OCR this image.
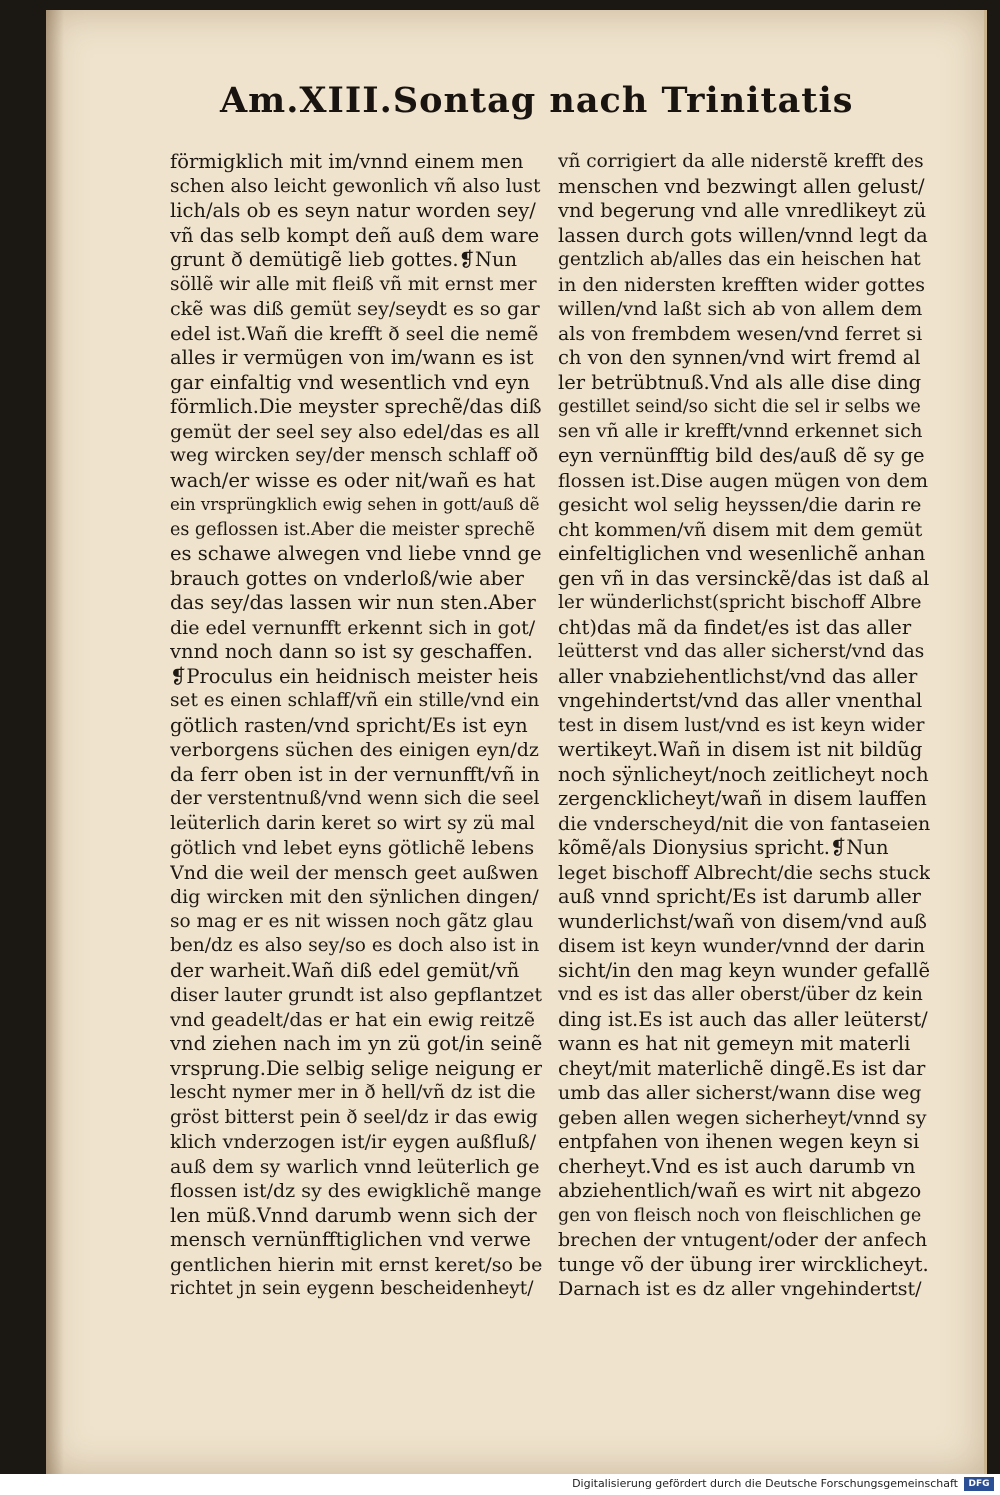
Am.XIII.Sontag nach Trinitatis
förmigklich mit im/vnnd einem men
schen also leicht gewonlich vñ also lust
lich/als ob es seyn natur worden sey/
vñ das selb kompt deñ auß dem ware
grunt ð demütigẽ lieb gottes.❡Nun
söllẽ wir alle mit fleiß vñ mit ernst mer
ckẽ was diß gemüt sey/seydt es so gar
edel ist.Wañ die krefft ð seel die nemẽ
alles ir vermügen von im/wann es ist
gar einfaltig vnd wesentlich vnd eyn
förmlich.Die meyster sprechẽ/das diß
gemüt der seel sey also edel/das es all
weg wircken sey/der mensch schlaff oð
wach/er wisse es oder nit/wañ es hat
ein vrsprüngklich ewig sehen in gott/auß dẽ
es geflossen ist.Aber die meister sprechẽ
es schawe alwegen vnd liebe vnnd ge
brauch gottes on vnderloß/wie aber
das sey/das lassen wir nun sten.Aber
die edel vernunfft erkennt sich in got/
vnnd noch dann so ist sy geschaffen.
❡Proculus ein heidnisch meister heis
set es einen schlaff/vñ ein stille/vnd ein
götlich rasten/vnd spricht/Es ist eyn
verborgens süchen des einigen eyn/dz
da ferr oben ist in der vernunfft/vñ in
der verstentnuß/vnd wenn sich die seel
leüterlich darin keret so wirt sy zü mal
götlich vnd lebet eyns götlichẽ lebens
Vnd die weil der mensch geet außwen
dig wircken mit den sÿnlichen dingen/
so mag er es nit wissen noch gãtz glau
ben/dz es also sey/so es doch also ist in
der warheit.Wañ diß edel gemüt/vñ
diser lauter grundt ist also gepflantzet
vnd geadelt/das er hat ein ewig reitzẽ
vnd ziehen nach im yn zü got/in seinẽ
vrsprung.Die selbig selige neigung er
lescht nymer mer in ð hell/vñ dz ist die
gröst bitterst pein ð seel/dz ir das ewig
klich vnderzogen ist/ir eygen außfluß/
auß dem sy warlich vnnd leüterlich ge
flossen ist/dz sy des ewigklichẽ mange
len müß.Vnnd darumb wenn sich der
mensch vernünfftiglichen vnd verwe
gentlichen hierin mit ernst keret/so be
richtet jn sein eygenn bescheidenheyt/
vñ corrigiert da alle niderstẽ krefft des
menschen vnd bezwingt allen gelust/
vnd begerung vnd alle vnredlikeyt zü
lassen durch gots willen/vnnd legt da
gentzlich ab/alles das ein heischen hat
in den nidersten krefften wider gottes
willen/vnd laßt sich ab von allem dem
als von frembdem wesen/vnd ferret si
ch von den synnen/vnd wirt fremd al
ler betrübtnuß.Vnd als alle dise ding
gestillet seind/so sicht die sel ir selbs we
sen vñ alle ir krefft/vnnd erkennet sich
eyn vernünfftig bild des/auß dẽ sy ge
flossen ist.Dise augen mügen von dem
gesicht wol selig heyssen/die darin re
cht kommen/vñ disem mit dem gemüt
einfeltiglichen vnd wesenlichẽ anhan
gen vñ in das versinckẽ/das ist daß al
ler wünderlichst(spricht bischoff Albre
cht)das mã da findet/es ist das aller
leütterst vnd das aller sicherst/vnd das
aller vnabziehentlichst/vnd das aller
vngehindertst/vnd das aller vnenthal
test in disem lust/vnd es ist keyn wider
wertikeyt.Wañ in disem ist nit bildũg
noch sÿnlicheyt/noch zeitlicheyt noch
zergencklicheyt/wañ in disem lauffen
die vnderscheyd/nit die von fantaseien
kõmẽ/als Dionysius spricht.❡Nun
leget bischoff Albrecht/die sechs stuck
auß vnnd spricht/Es ist darumb aller
wunderlichst/wañ von disem/vnd auß
disem ist keyn wunder/vnnd der darin
sicht/in den mag keyn wunder gefallẽ
vnd es ist das aller oberst/über dz kein
ding ist.Es ist auch das aller leüterst/
wann es hat nit gemeyn mit materli
cheyt/mit materlichẽ dingẽ.Es ist dar
umb das aller sicherst/wann dise weg
geben allen wegen sicherheyt/vnnd sy
entpfahen von ihenen wegen keyn si
cherheyt.Vnd es ist auch darumb vn
abziehentlich/wañ es wirt nit abgezo
gen von fleisch noch von fleischlichen ge
brechen der vntugent/oder der anfech
tunge võ der übung irer wircklicheyt.
Darnach ist es dz aller vngehindertst/
Digitalisierung gefördert durch die Deutsche Forschungsgemeinschaft	DFG
